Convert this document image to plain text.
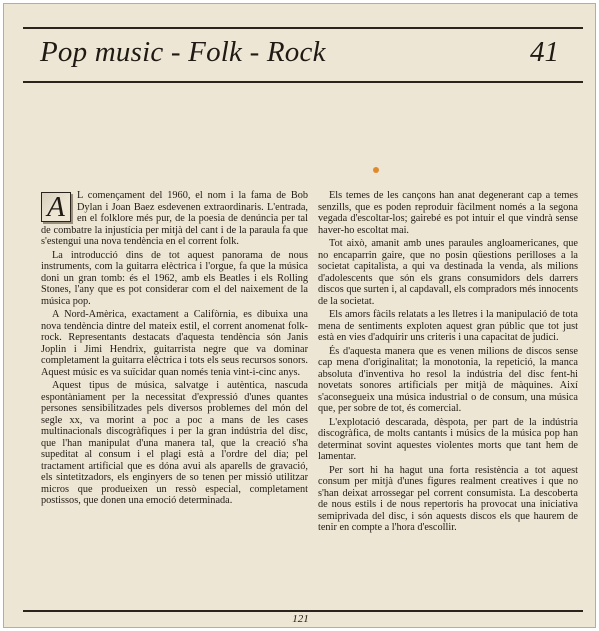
Pop music - Folk - Rock	41

A	L començament del 1960, el nom i la fama de Bob Dylan i Joan Baez esdevenen extraordinaris. L'entrada, en el folklore més pur, de la poesia de denúncia per tal de combatre la injustícia per mitjà del cant i de la paraula fa que s'estengui una nova tendència en el corrent folk.

La introducció dins de tot aquest panorama de nous instruments, com la guitarra elèctrica i l'orgue, fa que la música doni un gran tomb: és el 1962, amb els Beatles i els Rolling Stones, l'any que es pot considerar com el del naixement de la música pop.

A Nord-Amèrica, exactament a Califòrnia, es dibuixa una nova tendència dintre del mateix estil, el corrent anomenat folk-rock. Representants destacats d'aquesta tendència són Janis Joplin i Jimi Hendrix, guitarrista negre que va dominar completament la guitarra elèctrica i tots els seus recursos sonors. Aquest músic es va suïcidar quan només tenia vint-i-cinc anys.

Aquest tipus de música, salvatge i autèntica, nascuda espontàniament per la necessitat d'expressió d'unes quantes persones sensibilitzades pels diversos problemes del món del segle xx, va morint a poc a poc a mans de les cases multinacionals discogràfiques i per la gran indústria del disc, que l'han manipulat d'una manera tal, que la creació s'ha supeditat al consum i el plagi està a l'ordre del dia; pel tractament artificial que es dóna avui als aparells de gravació, els sintetitzadors, els enginyers de so tenen per missió utilitzar micros que produeixen un ressò especial, completament postissos, que donen una emoció determinada.

Els temes de les cançons han anat degenerant cap a temes senzills, que es poden reproduir fàcilment només a la segona vegada d'escoltar-los; gairebé es pot intuir el que vindrà sense haver-ho escoltat mai.

Tot això, amanit amb unes paraules angloamericanes, que no encaparrin gaire, que no posin qüestions perilloses a la societat capitalista, a qui va destinada la venda, als milions d'adolescents que són els grans consumidors dels darrers discos que surten i, al capdavall, els compradors més innocents de la societat.

Els amors fàcils relatats a les lletres i la manipulació de tota mena de sentiments exploten aquest gran públic que tot just està en vies d'adquirir uns criteris i una capacitat de judici.

És d'aquesta manera que es venen milions de discos sense cap mena d'originalitat; la monotonia, la repetició, la manca absoluta d'inventiva ho resol la indústria del disc fent-hi novetats sonores artificials per mitjà de màquines. Així s'aconsegueix una música industrial o de consum, una música que, per sobre de tot, és comercial.

L'explotació descarada, dèspota, per part de la indústria discogràfica, de molts cantants i músics de la música pop han determinat sovint aquestes violentes morts que tant hem de lamentar.

Per sort hi ha hagut una forta resistència a tot aquest consum per mitjà d'unes figures realment creatives i que no s'han deixat arrossegar pel corrent consumista. La descoberta de nous estils i de nous repertoris ha provocat una iniciativa semiprivada del disc, i són aquests discos els que haurem de tenir en compte a l'hora d'escollir.

121
